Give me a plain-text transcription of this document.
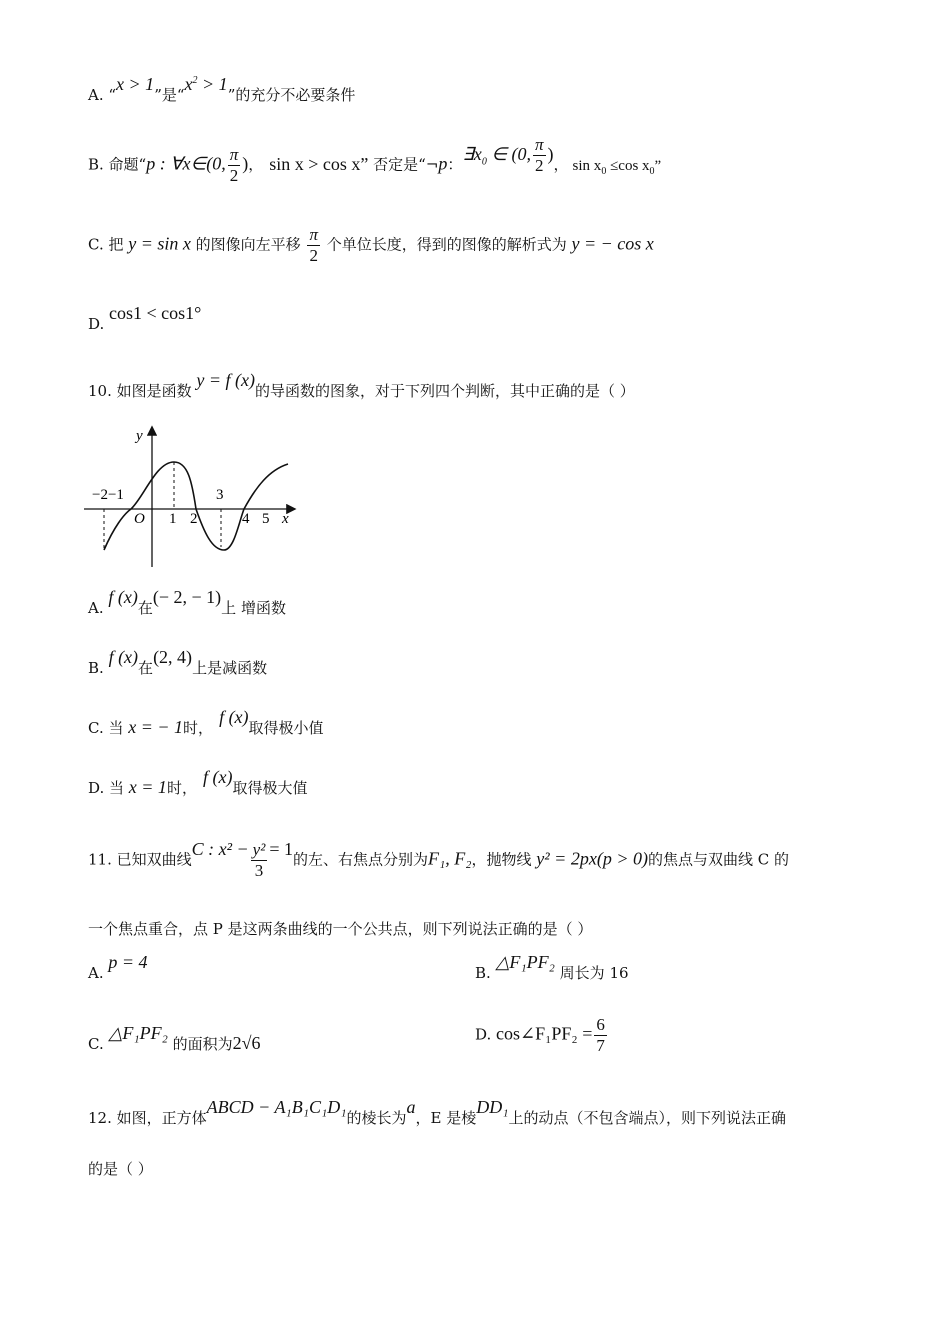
A. “x > 1”是“$x^2 > 1$”的充分不必要条件
B. 命题“p : ∀x∈(0, $\frac{\pi}{2}$ )， sin x > cos x” 否定是“¬p：$\exists x_0$ ∈ (0, $\frac{\pi}{2}$ )， $\sin x_0 \le\cos$ $x_0$”
C. 把 y = sin x 的图像向左平移 $\frac{\pi}{2}$ 个单位长度，得到的图像的解析式为 y = − cos x
D. cos1 < cos1°
10. 如图是函数 y = f (x)的导函数的图象，对于下列四个判断，其中正确的是（ ）
y
x
O
−2−1
1 2
3
4 5
A. f (x)在(− 2, − 1)上 增函数
B. f (x)在(2, 4)上是减函数
C. 当 x = − 1时，f (x)取得极小值
D. 当 x = 1时，f (x)取得极大值
11. 已知双曲线C : $x^2 - \frac{\text{y²}}{3} = 1$的左、右焦点分别为F₁, F₂，抛物线 y² = 2px(p > 0)的焦点与双曲线 C 的
一个焦点重合，点 P 是这两条曲线的一个公共点，则下列说法正确的是（ ）
A. p = 4
B. △F₁PF₂ 周长为 16
C. △F₁PF₂ 的面积为2√6	D. cos∠F₁PF₂ = $\frac{6}{7}$
12. 如图，正方体ABCD − A₁B₁C₁D₁的棱长为a，E 是棱DD₁上的动点（不包含端点），则下列说法正确
的是（ ）
